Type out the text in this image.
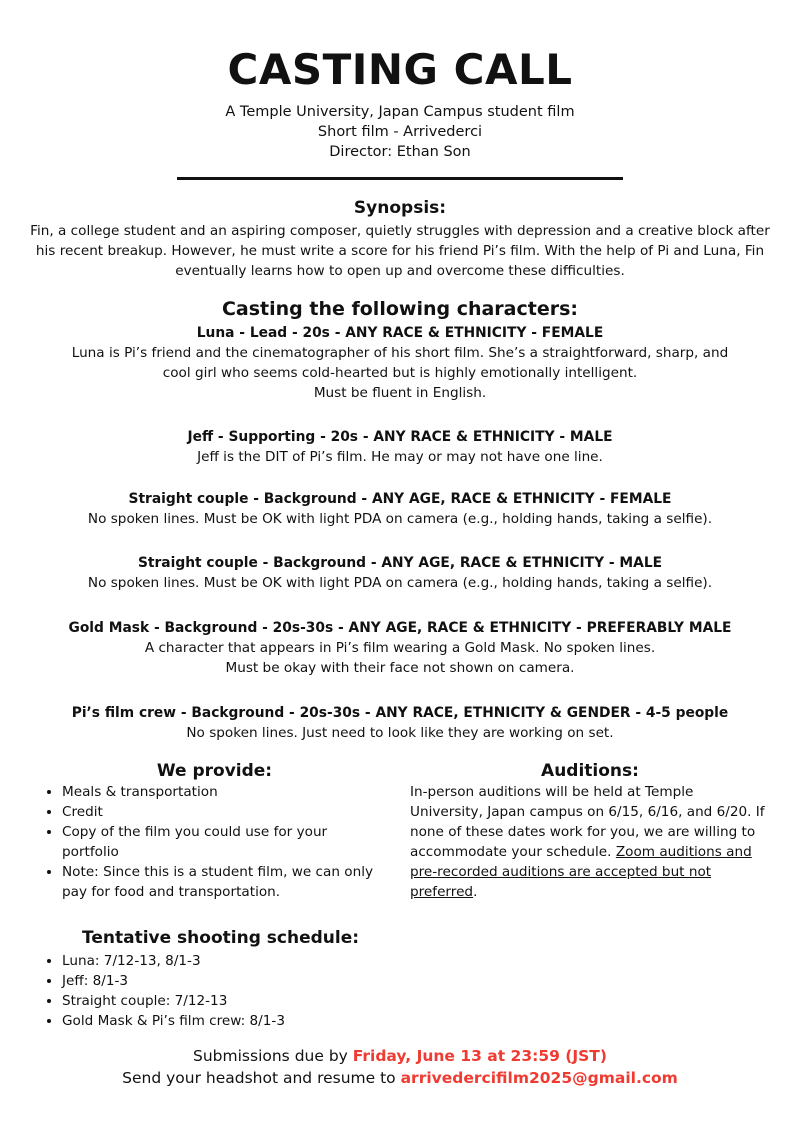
CASTING CALL
A Temple University, Japan Campus student film
Short film - Arrivederci
Director: Ethan Son
Synopsis:
Fin, a college student and an aspiring composer, quietly struggles with depression and a creative block after his recent breakup. However, he must write a score for his friend Pi’s film. With the help of Pi and Luna, Fin eventually learns how to open up and overcome these difficulties.
Casting the following characters:
Luna - Lead - 20s - ANY RACE & ETHNICITY - FEMALE
Luna is Pi’s friend and the cinematographer of his short film. She’s a straightforward, sharp, and
cool girl who seems cold-hearted but is highly emotionally intelligent.
Must be fluent in English.
Jeff - Supporting - 20s - ANY RACE & ETHNICITY - MALE
Jeff is the DIT of Pi’s film. He may or may not have one line.
Straight couple - Background - ANY AGE, RACE & ETHNICITY - FEMALE
No spoken lines. Must be OK with light PDA on camera (e.g., holding hands, taking a selfie).
Straight couple - Background - ANY AGE, RACE & ETHNICITY - MALE
No spoken lines. Must be OK with light PDA on camera (e.g., holding hands, taking a selfie).
Gold Mask - Background - 20s-30s - ANY AGE, RACE & ETHNICITY - PREFERABLY MALE
A character that appears in Pi’s film wearing a Gold Mask. No spoken lines.
Must be okay with their face not shown on camera.
Pi’s film crew - Background - 20s-30s - ANY RACE, ETHNICITY & GENDER - 4-5 people
No spoken lines. Just need to look like they are working on set.
We provide:
• Meals & transportation
• Credit
• Copy of the film you could use for your portfolio
• Note: Since this is a student film, we can only pay for food and transportation.
Auditions:
In-person auditions will be held at Temple University, Japan campus on 6/15, 6/16, and 6/20. If none of these dates work for you, we are willing to accommodate your schedule. Zoom auditions and pre-recorded auditions are accepted but not preferred.
Tentative shooting schedule:
• Luna: 7/12-13, 8/1-3
• Jeff: 8/1-3
• Straight couple: 7/12-13
• Gold Mask & Pi’s film crew: 8/1-3
Submissions due by Friday, June 13 at 23:59 (JST)
Send your headshot and resume to arrivedercifilm2025@gmail.com
